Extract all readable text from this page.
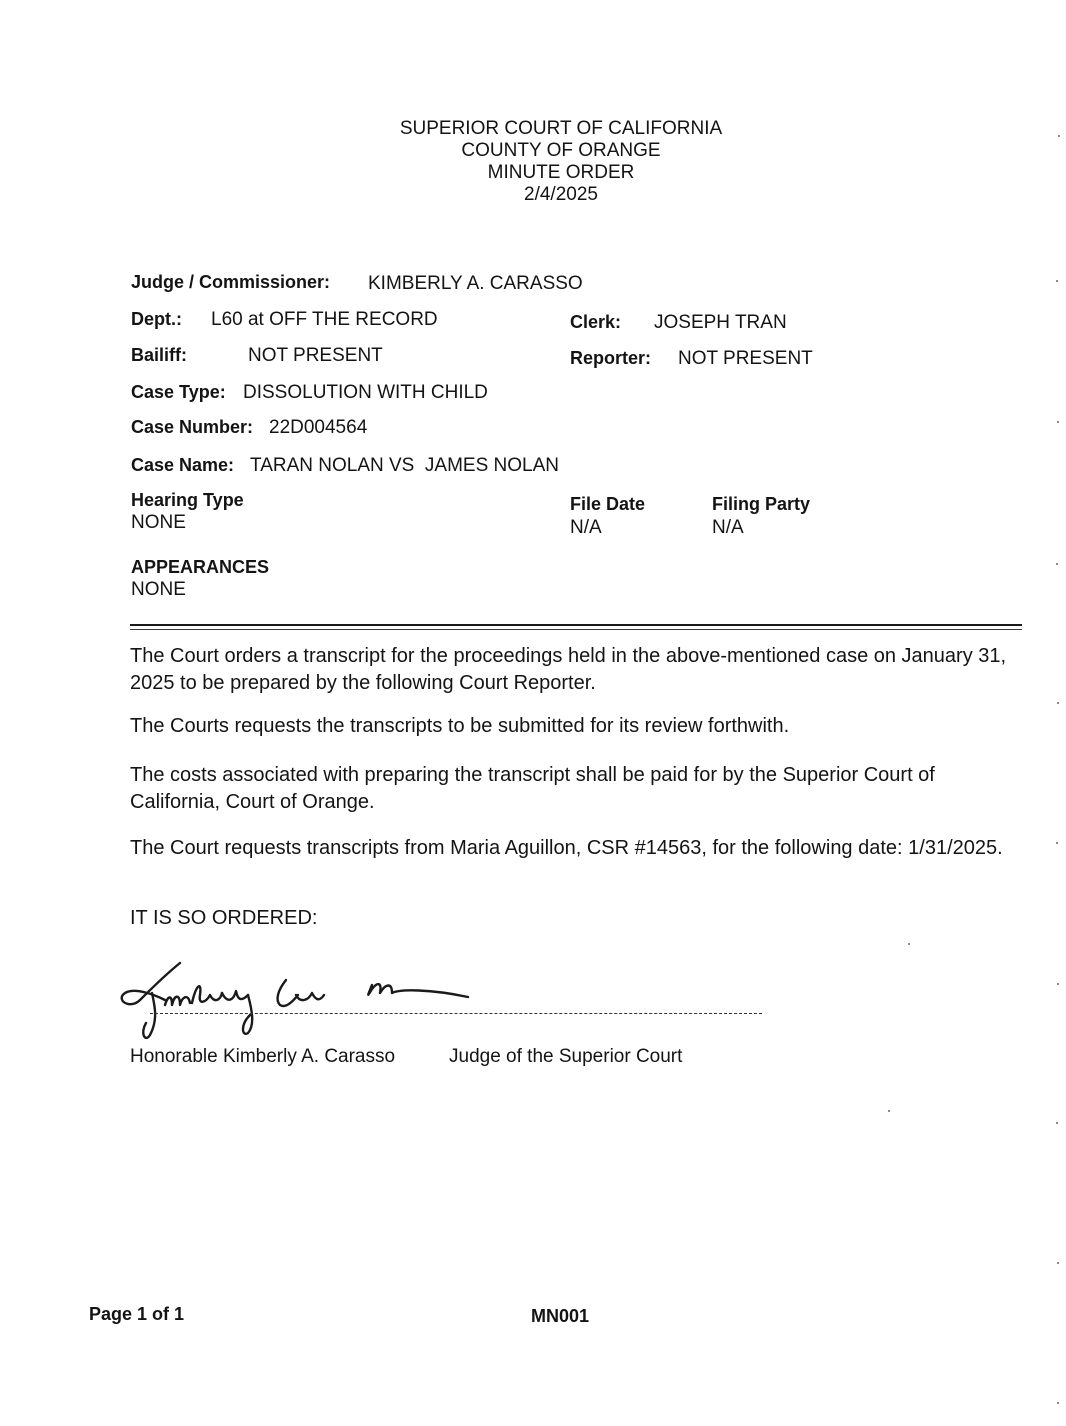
SUPERIOR COURT OF CALIFORNIA
COUNTY OF ORANGE
MINUTE ORDER
2/4/2025
Judge / Commissioner: KIMBERLY A. CARASSO
Dept.: L60 at OFF THE RECORD	Clerk: JOSEPH TRAN
Bailiff:	NOT PRESENT	Reporter: NOT PRESENT
Case Type: DISSOLUTION WITH CHILD
Case Number: 22D004564
Case Name: TARAN NOLAN VS  JAMES NOLAN
Hearing Type
NONE
File Date
N/A
Filing Party
N/A
APPEARANCES
NONE
The Court orders a transcript for the proceedings held in the above-mentioned case on January 31, 2025 to be prepared by the following Court Reporter.
The Courts requests the transcripts to be submitted for its review forthwith.
The costs associated with preparing the transcript shall be paid for by the Superior Court of California, Court of Orange.
The Court requests transcripts from Maria Aguillon, CSR #14563, for the following date: 1/31/2025.
IT IS SO ORDERED:
Honorable Kimberly A. Carasso	Judge of the Superior Court
Page 1 of 1	MN001
